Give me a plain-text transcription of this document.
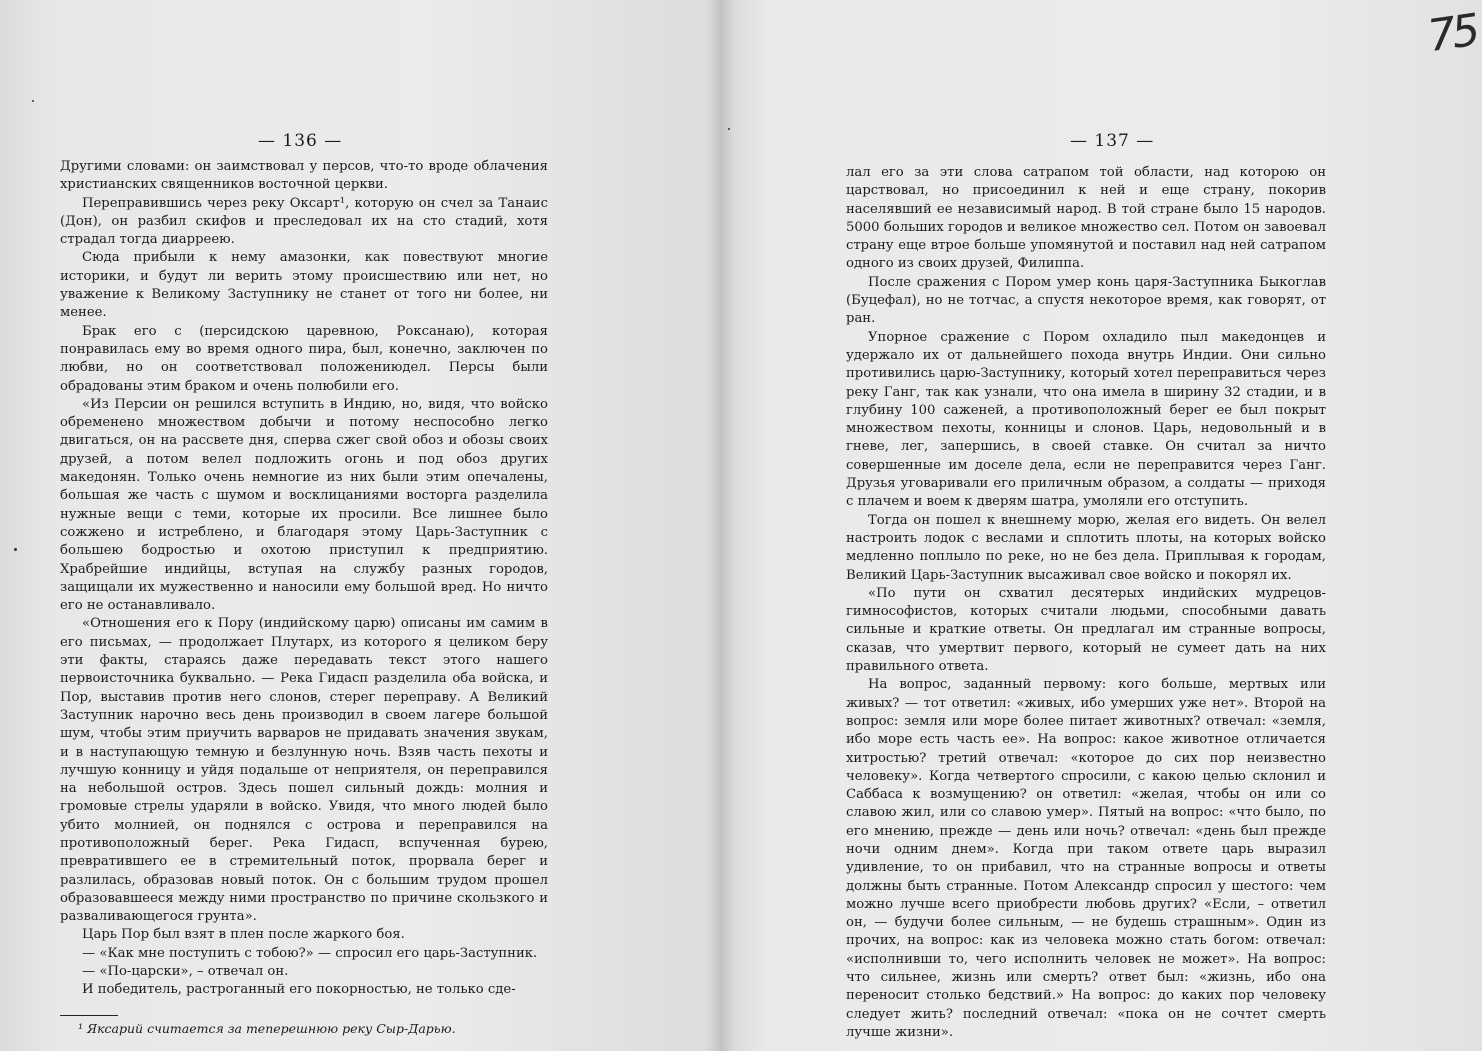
— 136 —

Другими словами: он заимствовал у персов, что-то вроде облачения христианских священников восточной церкви.

Переправившись через реку Оксарт¹, которую он счел за Танаис (Дон), он разбил скифов и преследовал их на сто стадий, хотя страдал тогда диарреею.

Сюда прибыли к нему амазонки, как повествуют многие историки, и будут ли верить этому происшествию или нет, но уважение к Великому Заступнику не станет от того ни более, ни менее.

Брак его с (персидскою царевною, Роксанаю), которая понравилась ему во время одного пира, был, конечно, заключен по любви, но он соответствовал положениюдел. Персы были обрадованы этим браком и очень полюбили его.

«Из Персии он решился вступить в Индию, но, видя, что войско обременено множеством добычи и потому неспособно легко двигаться, он на рассвете дня, сперва сжег свой обоз и обозы своих друзей, а потом велел подложить огонь и под обоз других македонян. Только очень немногие из них были этим опечалены, большая же часть с шумом и восклицаниями восторга разделила нужные вещи с теми, которые их просили. Все лишнее было сожжено и истреблено, и благодаря этому Царь-Заступник с большею бодростью и охотою приступил к предприятию. Храбрейшие индийцы, вступая на службу разных городов, защищали их мужественно и наносили ему большой вред. Но ничто его не останавливало.

«Отношения его к Пору (индийскому царю) описаны им самим в его письмах, — продолжает Плутарх, из которого я целиком беру эти факты, стараясь даже передавать текст этого нашего первоисточника буквально. — Река Гидасп разделила оба войска, и Пор, выставив против него слонов, стерег переправу. А Великий Заступник нарочно весь день производил в своем лагере большой шум, чтобы этим приучить варваров не придавать значения звукам, и в наступающую темную и безлунную ночь. Взяв часть пехоты и лучшую конницу и уйдя подальше от неприятеля, он переправился на небольшой остров. Здесь пошел сильный дождь: молния и громовые стрелы ударяли в войско. Увидя, что много людей было убито молнией, он поднялся с острова и переправился на противоположный берег. Река Гидасп, вспученная бурею, превратившего ее в стремительный поток, прорвала берег и разлилась, образовав новый поток. Он с большим трудом прошел образовавшееся между ними пространство по причине скользкого и разваливающегося грунта».

Царь Пор был взят в плен после жаркого боя.

— «Как мне поступить с тобою?» — спросил его царь-Заступник.

— «По-царски», – отвечал он.

И победитель, растроганный его покорностью, не только сде-

¹ Яксарий считается за теперешнюю реку Сыр-Дарью.
— 137 —

лал его за эти слова сатрапом той области, над которою он царствовал, но присоединил к ней и еще страну, покорив населявший ее независимый народ. В той стране было 15 народов. 5000 больших городов и великое множество сел. Потом он завоевал страну еще втрое больше упомянутой и поставил над ней сатрапом одного из своих друзей, Филиппа.

После сражения с Пором умер конь царя-Заступника Быкоглав (Буцефал), но не тотчас, а спустя некоторое время, как говорят, от ран.

Упорное сражение с Пором охладило пыл македонцев и удержало их от дальнейшего похода внутрь Индии. Они сильно противились царю-Заступнику, который хотел переправиться через реку Ганг, так как узнали, что она имела в ширину 32 стадии, и в глубину 100 саженей, а противоположный берег ее был покрыт множеством пехоты, конницы и слонов. Царь, недовольный и в гневе, лег, запершись, в своей ставке. Он считал за ничто совершенные им доселе дела, если не переправится через Ганг. Друзья уговаривали его приличным образом, а солдаты — приходя с плачем и воем к дверям шатра, умоляли его отступить.

Тогда он пошел к внешнему морю, желая его видеть. Он велел настроить лодок с веслами и сплотить плоты, на которых войско медленно поплыло по реке, но не без дела. Приплывая к городам, Великий Царь-Заступник высаживал свое войско и покорял их.

«По пути он схватил десятерых индийских мудрецов-гимнософистов, которых считали людьми, способными давать сильные и краткие ответы. Он предлагал им странные вопросы, сказав, что умертвит первого, который не сумеет дать на них правильного ответа.

На вопрос, заданный первому: кого больше, мертвых или живых? — тот ответил: «живых, ибо умерших уже нет». Второй на вопрос: земля или море более питает животных? отвечал: «земля, ибо море есть часть ее». На вопрос: какое животное отличается хитростью? третий отвечал: «которое до сих пор неизвестно человеку». Когда четвертого спросили, с какою целью склонил и Саббаса к возмущению? он ответил: «желая, чтобы он или со славою жил, или со славою умер». Пятый на вопрос: «что было, по его мнению, прежде — день или ночь? отвечал: «день был прежде ночи одним днем». Когда при таком ответе царь выразил удивление, то он прибавил, что на странные вопросы и ответы должны быть странные. Потом Александр спросил у шестого: чем можно лучше всего приобрести любовь других? «Если, – ответил он, — будучи более сильным, — не будешь страшным». Один из прочих, на вопрос: как из человека можно стать богом: отвечал: «исполнивши то, чего исполнить человек не может». На вопрос: что сильнее, жизнь или смерть? ответ был: «жизнь, ибо она переносит столько бедствий.» На вопрос: до каких пор человеку следует жить? последний отвечал: «пока он не сочтет смерть лучше жизни».

75
